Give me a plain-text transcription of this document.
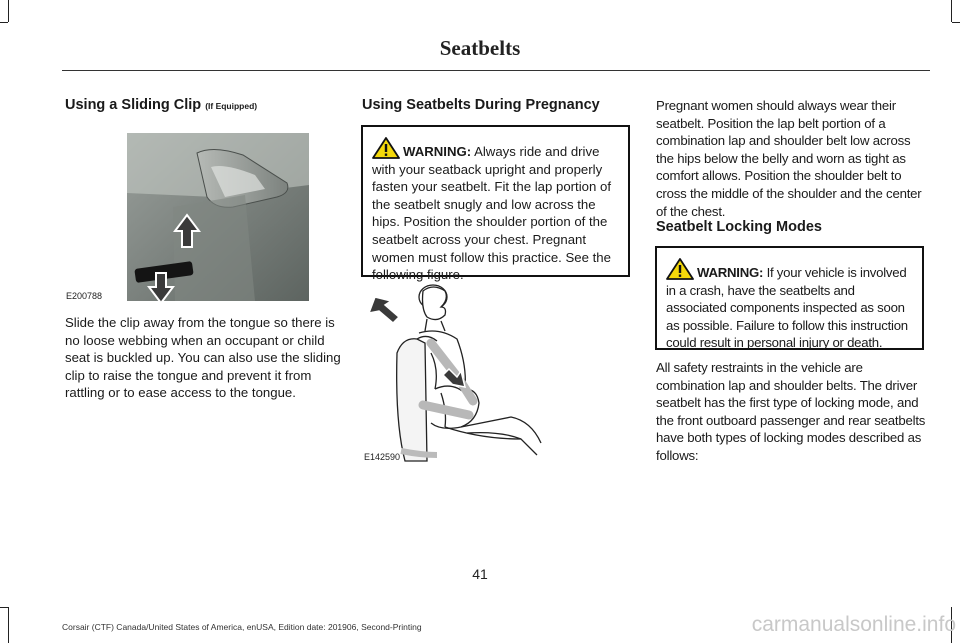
Seatbelts
Using a Sliding Clip (If Equipped)
E200788

Slide the clip away from the tongue so there is no loose webbing when an occupant or child seat is buckled up. You can also use the sliding clip to raise the tongue and prevent it from rattling or to ease access to the tongue.

Using Seatbelts During Pregnancy
WARNING: Always ride and drive with your seatback upright and properly fasten your seatbelt. Fit the lap portion of the seatbelt snugly and low across the hips. Position the shoulder portion of the seatbelt across your chest. Pregnant women must follow this practice. See the following figure.
E142590

Pregnant women should always wear their seatbelt. Position the lap belt portion of a combination lap and shoulder belt low across the hips below the belly and worn as tight as comfort allows. Position the shoulder belt to cross the middle of the shoulder and the center of the chest.

Seatbelt Locking Modes
WARNING: If your vehicle is involved in a crash, have the seatbelts and associated components inspected as soon as possible. Failure to follow this instruction could result in personal injury or death.

All safety restraints in the vehicle are combination lap and shoulder belts. The driver seatbelt has the first type of locking mode, and the front outboard passenger and rear seatbelts have both types of locking modes described as follows:

41
Corsair (CTF) Canada/United States of America, enUSA, Edition date: 201906, Second-Printing	carmanualsonline.info
